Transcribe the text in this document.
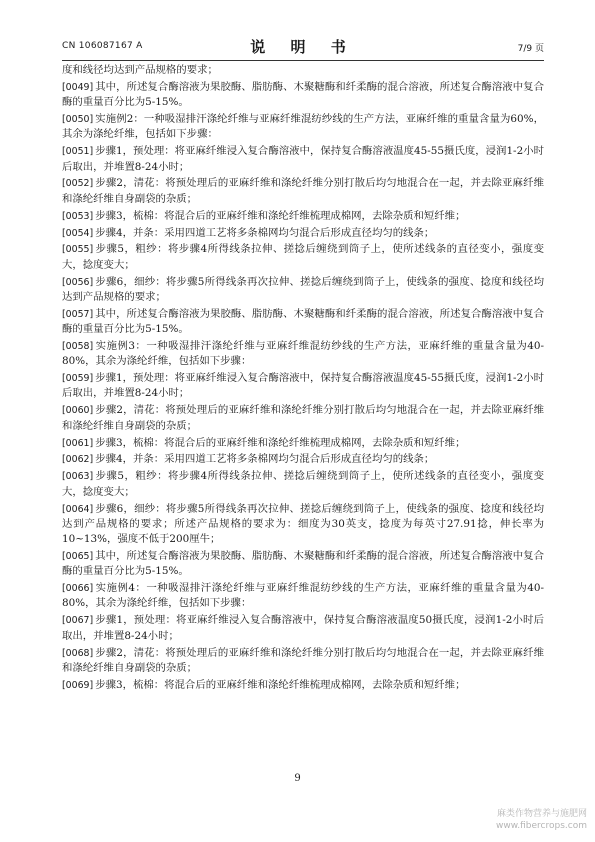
CN 106087167 A	说 明 书	7/9 页
度和线径均达到产品规格的要求；
[0049] 其中，所述复合酶溶液为果胶酶、脂肪酶、木聚糖酶和纤柔酶的混合溶液，所述复合酶溶液中复合酶的重量百分比为5-15%。
[0050] 实施例2：一种吸湿排汗涤纶纤维与亚麻纤维混纺纱线的生产方法，亚麻纤维的重量含量为60%，其余为涤纶纤维，包括如下步骤：
[0051] 步骤1，预处理：将亚麻纤维浸入复合酶溶液中，保持复合酶溶液温度45-55摄氏度，浸润1-2小时后取出，并堆置8-24小时；
[0052] 步骤2，清花：将预处理后的亚麻纤维和涤纶纤维分别打散后均匀地混合在一起，并去除亚麻纤维和涤纶纤维自身副袋的杂质；
[0053] 步骤3，梳棉：将混合后的亚麻纤维和涤纶纤维梳理成棉网，去除杂质和短纤维；
[0054] 步骤4，并条：采用四道工艺将多条棉网均匀混合后形成直径均匀的线条；
[0055] 步骤5，粗纱：将步骤4所得线条拉伸、搓捻后缠绕到筒子上，使所述线条的直径变小，强度变大，捻度变大；
[0056] 步骤6，细纱：将步骤5所得线条再次拉伸、搓捻后缠绕到筒子上，使线条的强度、捻度和线径均达到产品规格的要求；
[0057] 其中，所述复合酶溶液为果胶酶、脂肪酶、木聚糖酶和纤柔酶的混合溶液，所述复合酶溶液中复合酶的重量百分比为5-15%。
[0058] 实施例3：一种吸湿排汗涤纶纤维与亚麻纤维混纺纱线的生产方法，亚麻纤维的重量含量为40-80%，其余为涤纶纤维，包括如下步骤：
[0059] 步骤1，预处理：将亚麻纤维浸入复合酶溶液中，保持复合酶溶液温度45-55摄氏度，浸润1-2小时后取出，并堆置8-24小时；
[0060] 步骤2，清花：将预处理后的亚麻纤维和涤纶纤维分别打散后均匀地混合在一起，并去除亚麻纤维和涤纶纤维自身副袋的杂质；
[0061] 步骤3，梳棉：将混合后的亚麻纤维和涤纶纤维梳理成棉网，去除杂质和短纤维；
[0062] 步骤4，并条：采用四道工艺将多条棉网均匀混合后形成直径均匀的线条；
[0063] 步骤5，粗纱：将步骤4所得线条拉伸、搓捻后缠绕到筒子上，使所述线条的直径变小，强度变大，捻度变大；
[0064] 步骤6，细纱：将步骤5所得线条再次拉伸、搓捻后缠绕到筒子上，使线条的强度、捻度和线径均达到产品规格的要求；所述产品规格的要求为：细度为30英支，捻度为每英寸27.91捻，伸长率为10~13%，强度不低于200厘牛；
[0065] 其中，所述复合酶溶液为果胶酶、脂肪酶、木聚糖酶和纤柔酶的混合溶液，所述复合酶溶液中复合酶的重量百分比为5-15%。
[0066] 实施例4：一种吸湿排汗涤纶纤维与亚麻纤维混纺纱线的生产方法，亚麻纤维的重量含量为40-80%，其余为涤纶纤维，包括如下步骤：
[0067] 步骤1，预处理：将亚麻纤维浸入复合酶溶液中，保持复合酶溶液温度50摄氏度，浸润1-2小时后取出，并堆置8-24小时；
[0068] 步骤2，清花：将预处理后的亚麻纤维和涤纶纤维分别打散后均匀地混合在一起，并去除亚麻纤维和涤纶纤维自身副袋的杂质；
[0069] 步骤3，梳棉：将混合后的亚麻纤维和涤纶纤维梳理成棉网，去除杂质和短纤维；
9
麻类作物营养与施肥网
www.fibercrops.com
